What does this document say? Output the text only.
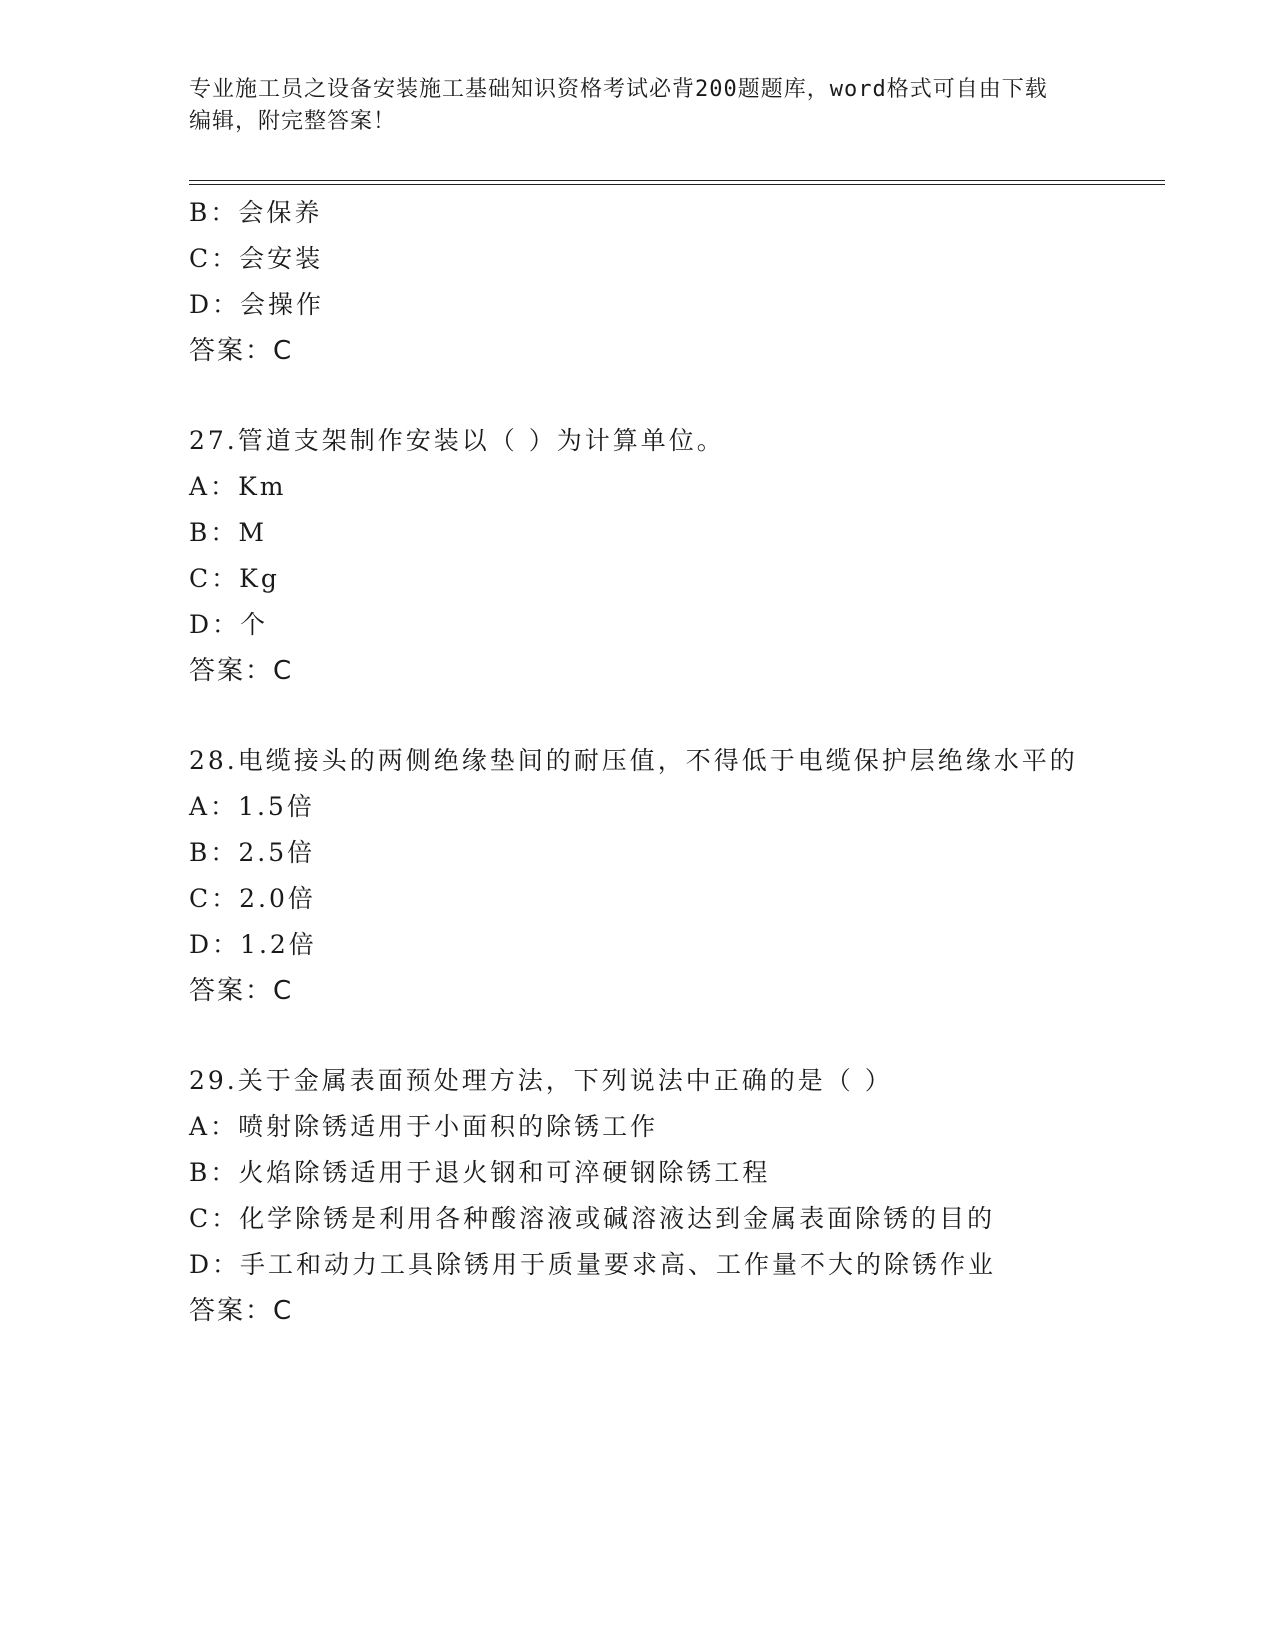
专业施工员之设备安装施工基础知识资格考试必背200题题库，word格式可自由下载编辑，附完整答案！
B：会保养
C：会安装
D：会操作
答案：C
27.管道支架制作安装以（ ）为计算单位。
A：Km
B：M
C：Kg
D：个
答案：C
28.电缆接头的两侧绝缘垫间的耐压值，不得低于电缆保护层绝缘水平的
A：1.5倍
B：2.5倍
C：2.0倍
D：1.2倍
答案：C
29.关于金属表面预处理方法，下列说法中正确的是（ ）
A：喷射除锈适用于小面积的除锈工作
B：火焰除锈适用于退火钢和可淬硬钢除锈工程
C：化学除锈是利用各种酸溶液或碱溶液达到金属表面除锈的目的
D：手工和动力工具除锈用于质量要求高、工作量不大的除锈作业
答案：C
